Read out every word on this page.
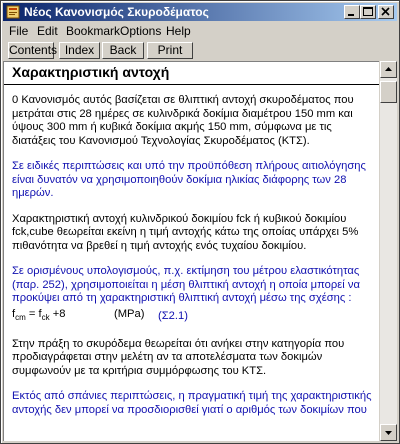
Νέος Κανονισμός Σκυροδέματος
File Edit Bookmark Options Help
Contents Index	Back	Print
Χαρακτηριστική αντοχή

0 Κανονισμός αυτός βασίζεται σε θλιπτική αντοχή σκυροδέματος που μετράται στις 28 ημέρες σε κυλινδρικά δοκίμια διαμέτρου 150 mm και ύψους 300 mm ή κυβικά δοκίμια ακμής 150 mm, σύμφωνα με τις διατάξεις του Κανονισμού Τεχνολογίας Σκυροδέματος (ΚΤΣ).

Σε ειδικές περιπτώσεις και υπό την προϋπόθεση πλήρους αιτιολόγησης είναι δυνατόν να χρησιμοποιηθούν δοκίμια ηλικίας διάφορης των 28 ημερών.

Χαρακτηριστική αντοχή κυλινδρικού δοκιμίου fck ή κυβικού δοκιμίου fck,cube θεωρείται εκείνη η τιμή αντοχής κάτω της οποίας υπάρχει 5% πιθανότητα να βρεθεί η τιμή αντοχής ενός τυχαίου δοκιμίου.

Σε ορισμένους υπολογισμούς, π.χ. εκτίμηση του μέτρου ελαστικότητας (παρ. 252), χρησιμοποιείται η μέση θλιπτική αντοχή η οποία μπορεί να προκύψει από τη χαρακτηριστική θλιπτική αντοχή μέσω της σχέσης :

$f_{cm} = f_{ck} +8$	(MPa) (Σ2.1)

Στην πράξη το σκυρόδεμα θεωρείται ότι ανήκει στην κατηγορία που προδιαγράφεται στην μελέτη αν τα αποτελέσματα των δοκιμών συμφωνούν με τα κριτήρια συμμόρφωσης του ΚΤΣ.

Εκτός από σπάνιες περιπτώσεις, η πραγματική τιμή της χαρακτηριστικής αντοχής δεν μπορεί να προσδιορισθεί γιατί ο αριθμός των δοκιμίων που
